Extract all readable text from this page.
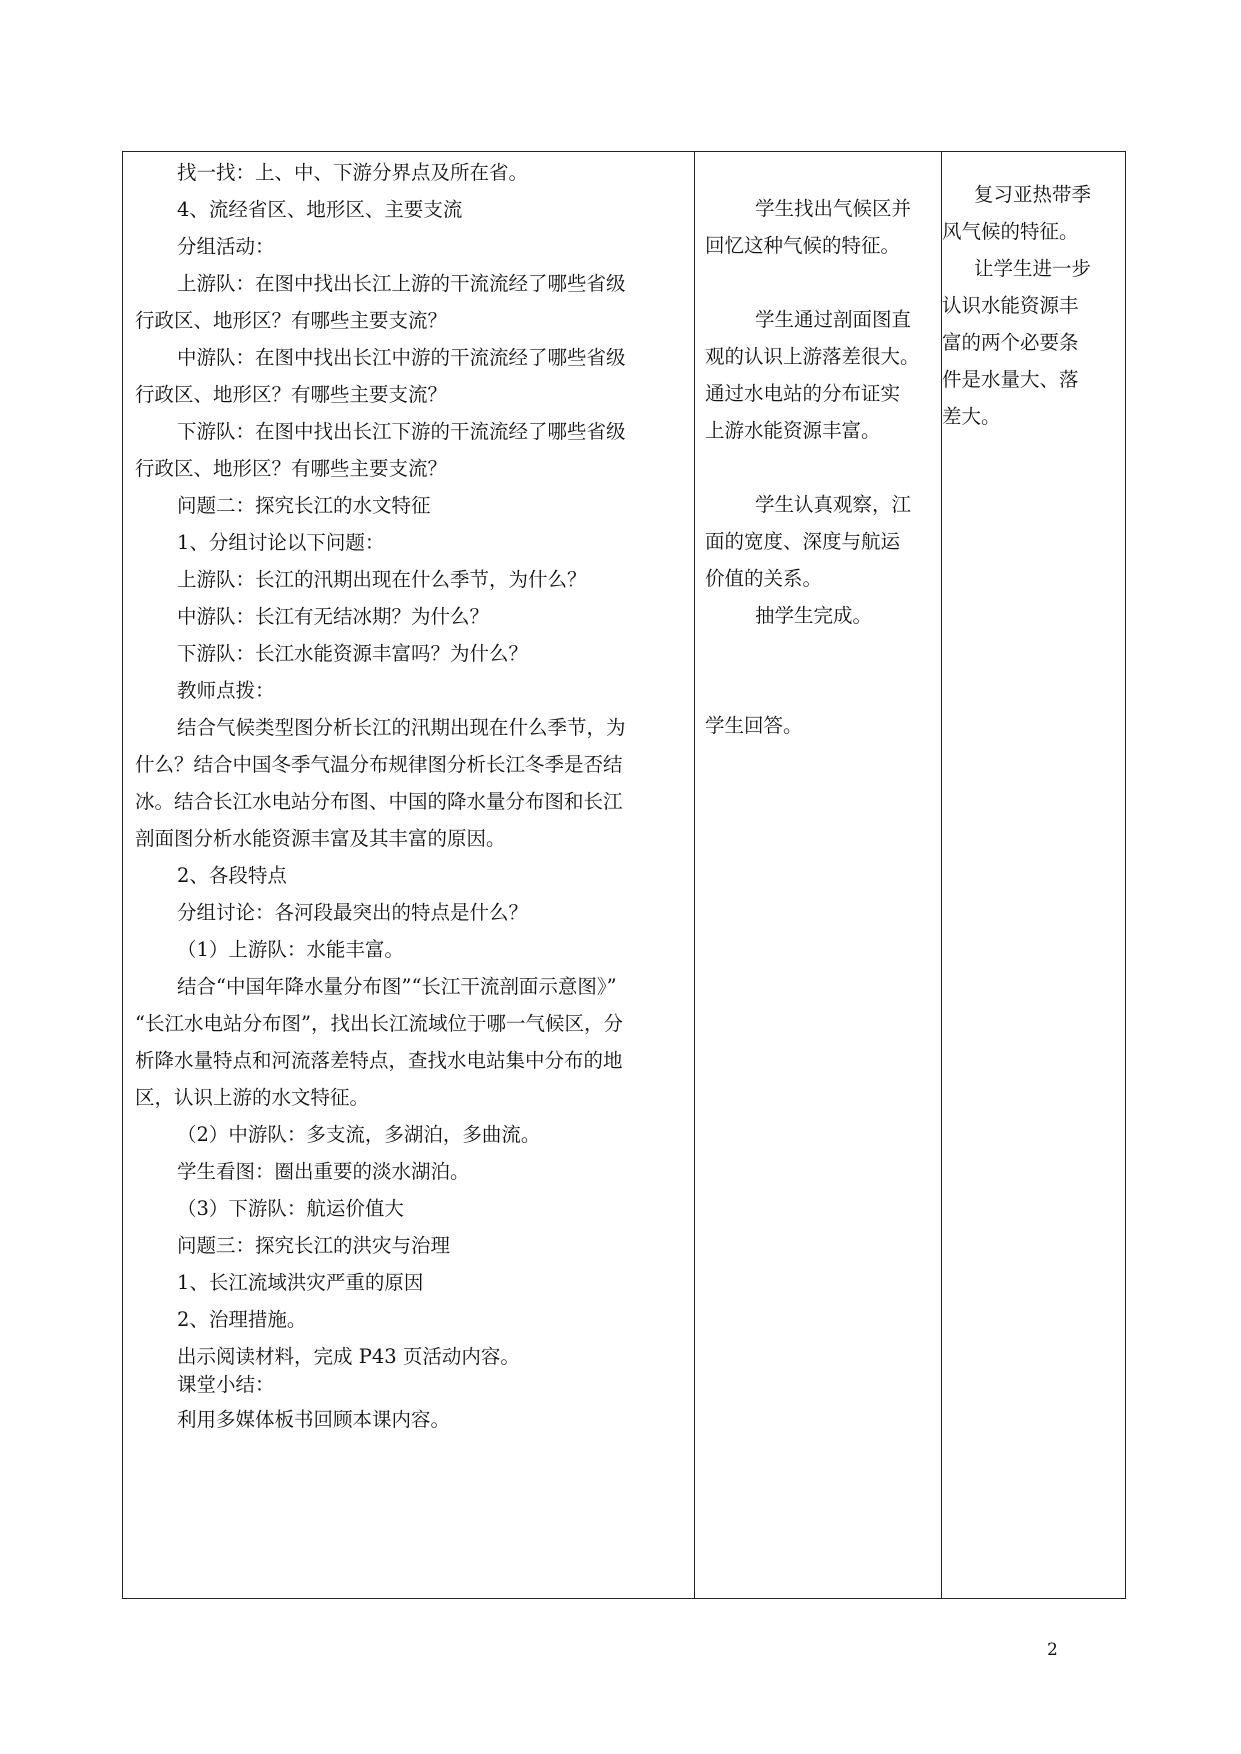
找一找：上、中、下游分界点及所在省。
4、流经省区、地形区、主要支流
分组活动：
上游队：在图中找出长江上游的干流流经了哪些省级
行政区、地形区？有哪些主要支流？
中游队：在图中找出长江中游的干流流经了哪些省级
行政区、地形区？有哪些主要支流？
下游队：在图中找出长江下游的干流流经了哪些省级
行政区、地形区？有哪些主要支流？
问题二：探究长江的水文特征
1、分组讨论以下问题：
上游队：长江的汛期出现在什么季节，为什么？
中游队：长江有无结冰期？为什么？
下游队：长江水能资源丰富吗？为什么？
教师点拨：
结合气候类型图分析长江的汛期出现在什么季节，为
什么？结合中国冬季气温分布规律图分析长江冬季是否结
冰。结合长江水电站分布图、中国的降水量分布图和长江
剖面图分析水能资源丰富及其丰富的原因。
2、各段特点
分组讨论：各河段最突出的特点是什么？
（1）上游队：水能丰富。
结合“中国年降水量分布图”“长江干流剖面示意图》”
“长江水电站分布图”，找出长江流域位于哪一气候区，分
析降水量特点和河流落差特点，查找水电站集中分布的地
区，认识上游的水文特征。
（2）中游队：多支流，多湖泊，多曲流。
学生看图：圈出重要的淡水湖泊。
（3）下游队：航运价值大
问题三：探究长江的洪灾与治理
1、长江流域洪灾严重的原因
2、治理措施。
出示阅读材料，完成 P43 页活动内容。
课堂小结：
利用多媒体板书回顾本课内容。

学生找出气候区并
回忆这种气候的特征。
学生通过剖面图直
观的认识上游落差很大。
通过水电站的分布证实
上游水能资源丰富。
学生认真观察，江
面的宽度、深度与航运
价值的关系。
抽学生完成。
学生回答。

复习亚热带季
风气候的特征。
让学生进一步
认识水能资源丰
富的两个必要条
件是水量大、落
差大。
2
